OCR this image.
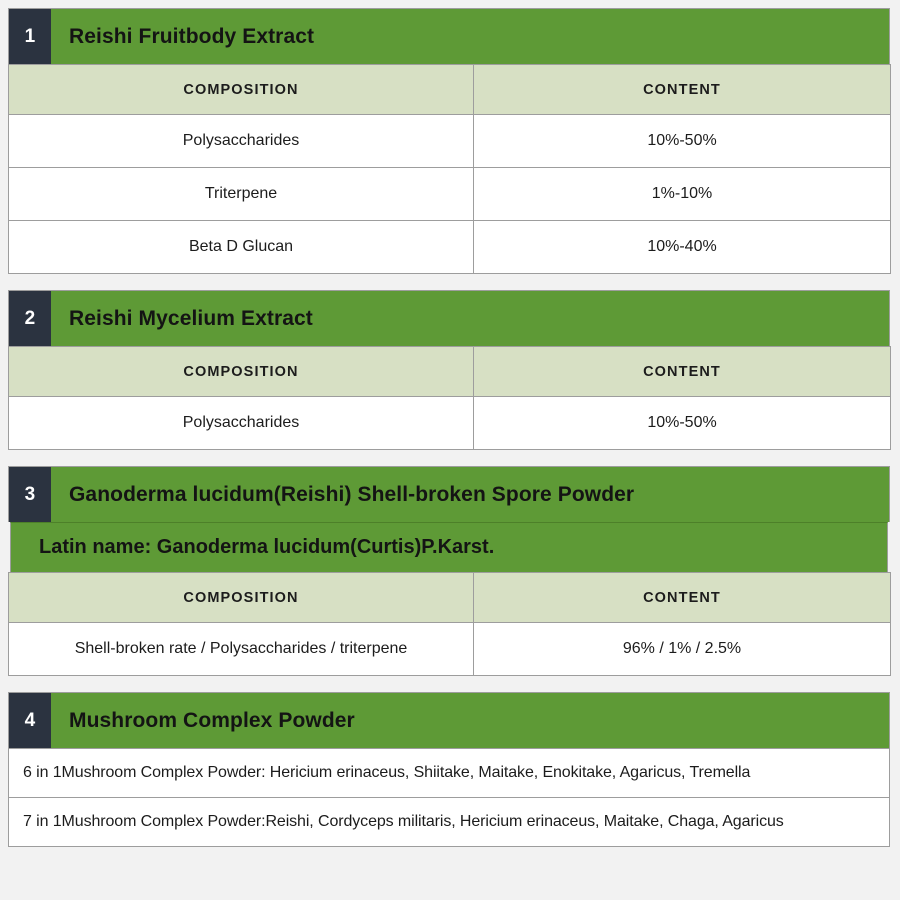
1	Reishi Fruitbody Extract
COMPOSITION	CONTENT
Polysaccharides	10%-50%
Triterpene	1%-10%
Beta D Glucan	10%-40%
2	Reishi Mycelium Extract
COMPOSITION	CONTENT
Polysaccharides	10%-50%
3	Ganoderma lucidum(Reishi) Shell-broken Spore Powder
Latin name: Ganoderma lucidum(Curtis)P.Karst.
COMPOSITION	CONTENT
Shell-broken rate / Polysaccharides / triterpene	96% / 1% / 2.5%
4	Mushroom Complex Powder
6 in 1Mushroom Complex Powder: Hericium erinaceus, Shiitake, Maitake, Enokitake, Agaricus, Tremella
7 in 1Mushroom Complex Powder:Reishi, Cordyceps militaris, Hericium erinaceus, Maitake, Chaga, Agaricus
